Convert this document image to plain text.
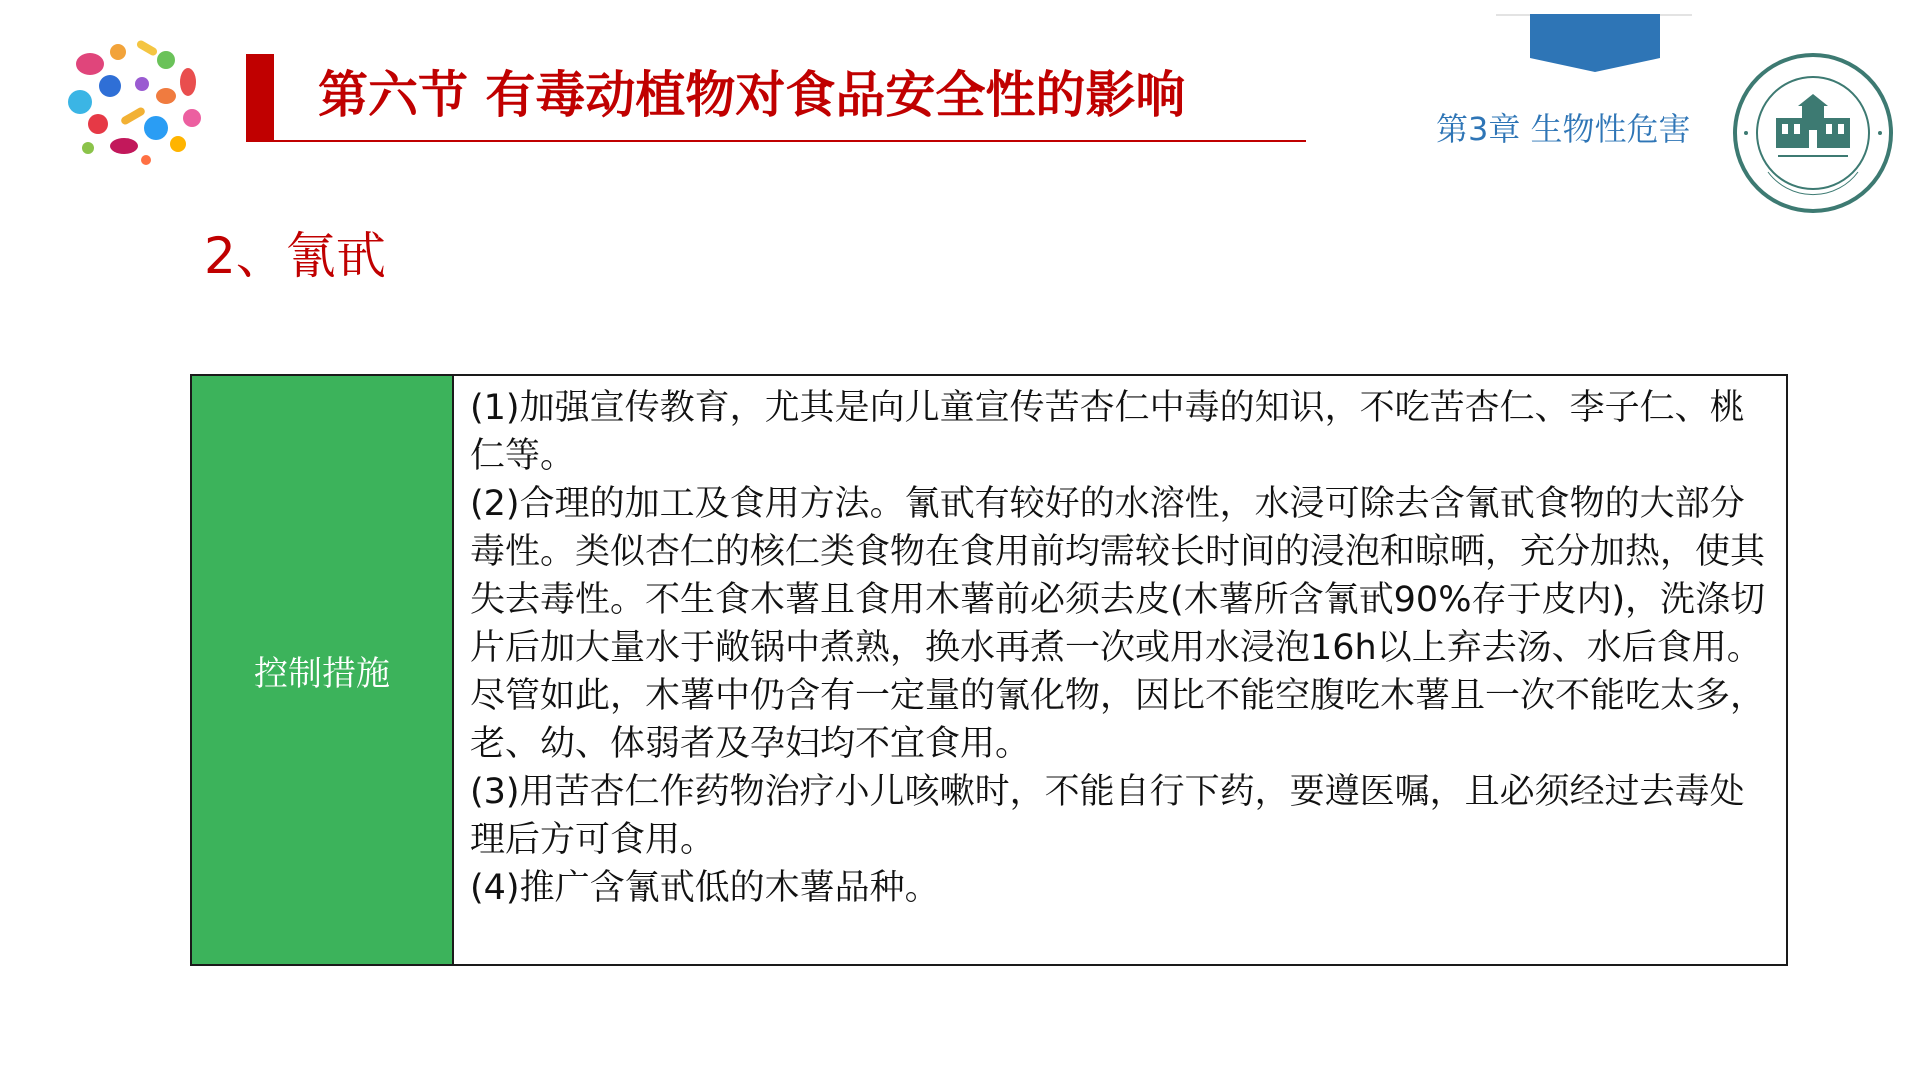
第六节 有毒动植物对食品安全性的影响
第3章 生物性危害
2、氰甙
控制措施

(1)加强宣传教育，尤其是向儿童宣传苦杏仁中毒的知识，不吃苦杏仁、李子仁、桃仁等。

(2)合理的加工及食用方法。氰甙有较好的水溶性，水浸可除去含氰甙食物的大部分毒性。类似杏仁的核仁类食物在食用前均需较长时间的浸泡和晾晒，充分加热，使其失去毒性。不生食木薯且食用木薯前必须去皮(木薯所含氰甙90%存于皮内)，洗涤切片后加大量水于敞锅中煮熟，换水再煮一次或用水浸泡16h以上弃去汤、水后食用。尽管如此，木薯中仍含有一定量的氰化物，因比不能空腹吃木薯且一次不能吃太多，老、幼、体弱者及孕妇均不宜食用。

(3)用苦杏仁作药物治疗小儿咳嗽时，不能自行下药，要遵医嘱，且必须经过去毒处理后方可食用。

(4)推广含氰甙低的木薯品种。
